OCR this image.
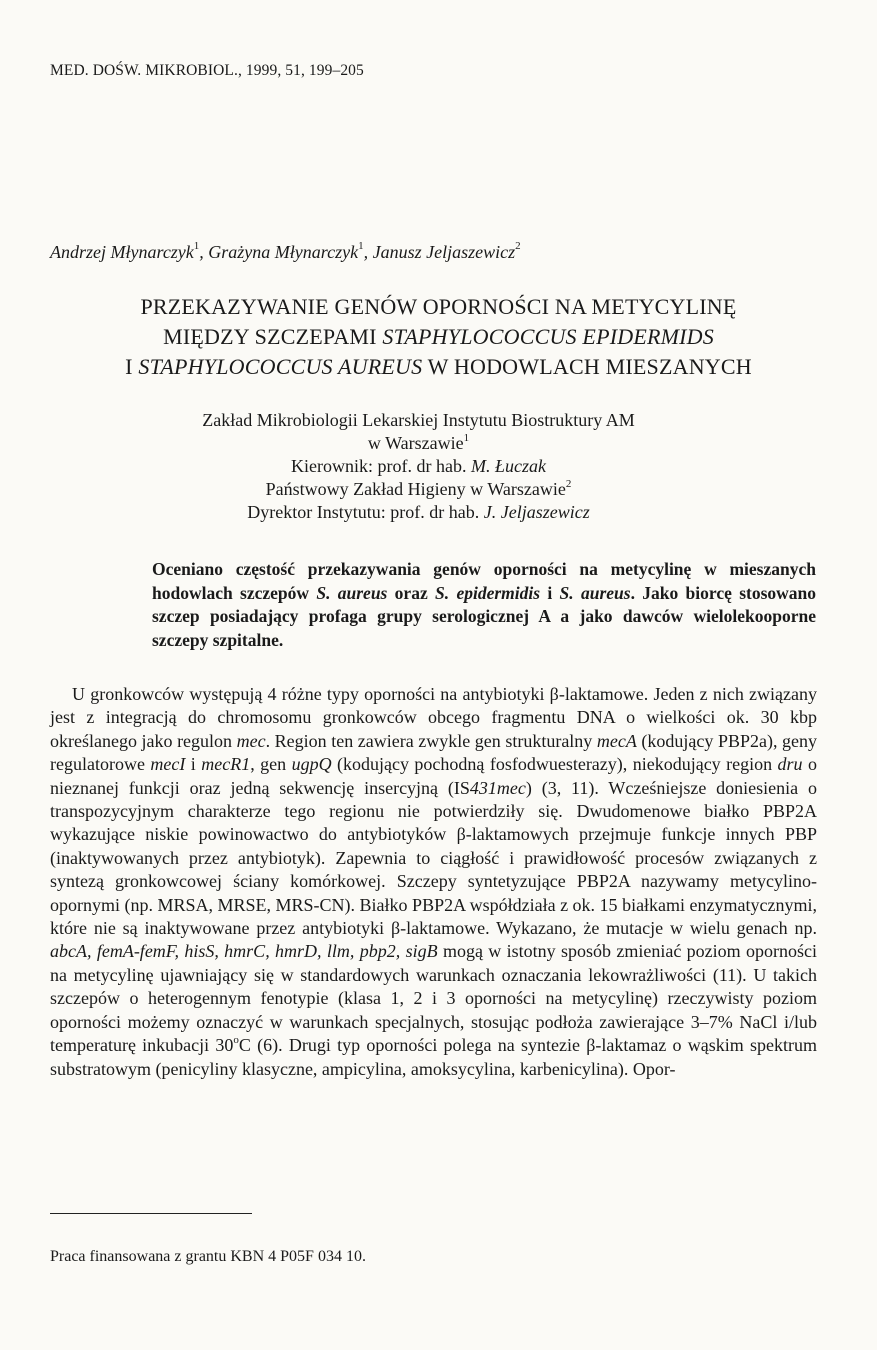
MED. DOŚW. MIKROBIOL., 1999, 51, 199–205
Andrzej Młynarczyk$^1$, Grażyna Młynarczyk$^1$, Janusz Jeljaszewicz$^2$
PRZEKAZYWANIE GENÓW OPORNOŚCI NA METYCYLINĘ
MIĘDZY SZCZEPAMI STAPHYLOCOCCUS EPIDERMIDS
I STAPHYLOCOCCUS AUREUS W HODOWLACH MIESZANYCH
Zakład Mikrobiologii Lekarskiej Instytutu Biostruktury AM
w Warszawie$^1$
Kierownik: prof. dr hab. M. Łuczak
Państwowy Zakład Higieny w Warszawie$^2$
Dyrektor Instytutu: prof. dr hab. J. Jeljaszewicz
Oceniano częstość przekazywania genów oporności na metycylinę w mieszanych hodowlach szczepów S. aureus oraz S. epidermidis i S. aureus. Jako biorcę stosowano szczep posiadający profaga grupy serologicznej A a jako dawców wielolekooporne szczepy szpitalne.

U gronkowców występują 4 różne typy oporności na antybiotyki β-laktamowe. Jeden z nich związany jest z integracją do chromosomu gronkowców obcego fragmentu DNA o wielkości ok. 30 kbp określanego jako regulon mec. Region ten zawiera zwykle gen strukturalny mecA (kodujący PBP2a), geny regulatorowe mecI i mecR1, gen ugpQ (kodujący pochodną fosfodwuesterazy), niekodujący region dru o nieznanej funkcji oraz jedną sekwencję insercyjną (IS431mec) (3, 11). Wcześniejsze doniesienia o transpozycyjnym charakterze tego regionu nie potwierdziły się. Dwudomenowe białko PBP2A wykazujące niskie powinowactwo do antybiotyków β-laktamowych przejmuje funkcje innych PBP (inaktywowanych przez antybiotyk). Zapewnia to ciągłość i prawidłowość procesów związanych z syntezą gronkowcowej ściany komórkowej. Szczepy syntetyzujące PBP2A nazywamy metycylino-opornymi (np. MRSA, MRSE, MRS-CN). Białko PBP2A współdziała z ok. 15 białkami enzymatycznymi, które nie są inaktywowane przez antybiotyki β-laktamowe. Wykazano, że mutacje w wielu genach np. abcA, femA-femF, hisS, hmrC, hmrD, llm, pbp2, sigB mogą w istotny sposób zmieniać poziom oporności na metycylinę ujawniający się w standardowych warunkach oznaczania lekowrażliwości (11). U takich szczepów o heterogennym fenotypie (klasa 1, 2 i 3 oporności na metycylinę) rzeczywisty poziom oporności możemy oznaczyć w warunkach specjalnych, stosując podłoża zawierające 3–7% NaCl i/lub temperaturę inkubacji 30$^o$C (6). Drugi typ oporności polega na syntezie β-laktamaz o wąskim spektrum substratowym (penicyliny klasyczne, ampicylina, amoksycylina, karbenicylina). Opor-

Praca finansowana z grantu KBN 4 P05F 034 10.
